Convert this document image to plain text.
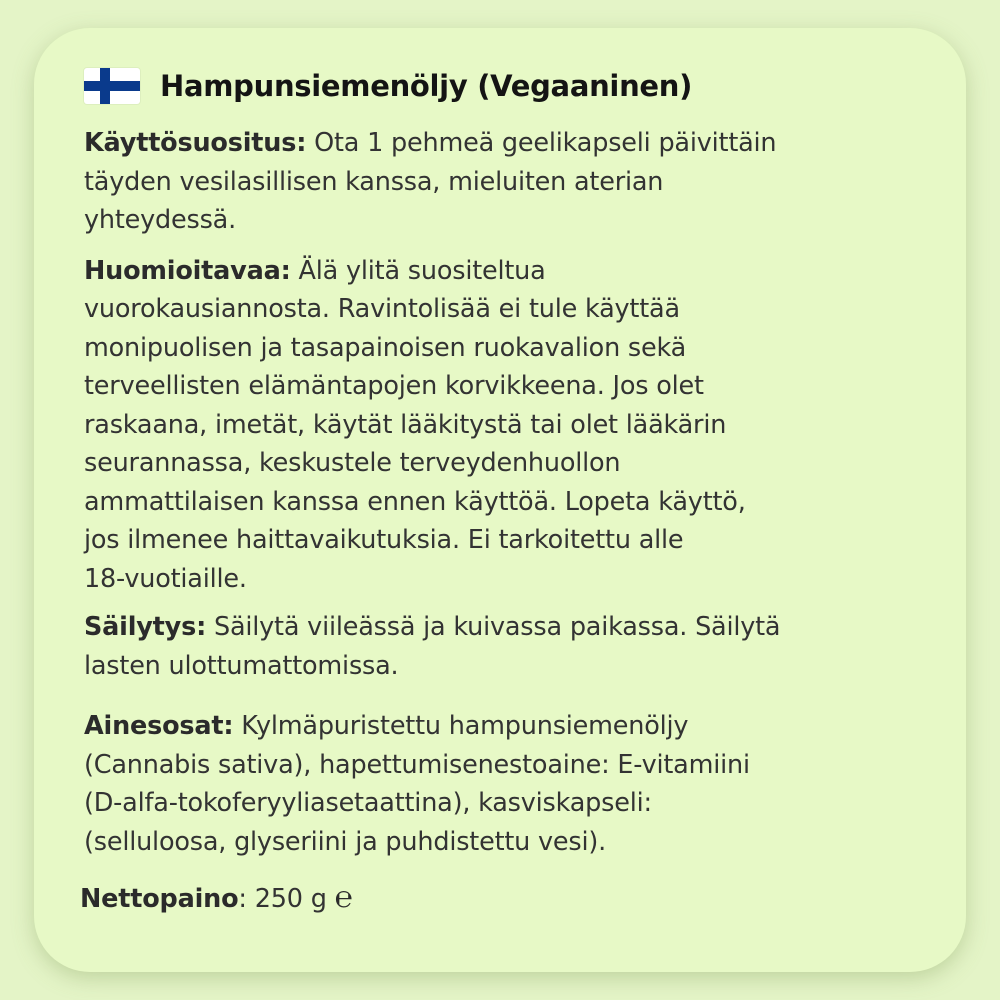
Hampunsiemenöljy (Vegaaninen)

Käyttösuositus: Ota 1 pehmeä geelikapseli päivittäin
täyden vesilasillisen kanssa, mieluiten aterian
yhteydessä.

Huomioitavaa: Älä ylitä suositeltua
vuorokausiannosta. Ravintolisää ei tule käyttää
monipuolisen ja tasapainoisen ruokavalion sekä
terveellisten elämäntapojen korvikkeena. Jos olet
raskaana, imetät, käytät lääkitystä tai olet lääkärin
seurannassa, keskustele terveydenhuollon
ammattilaisen kanssa ennen käyttöä. Lopeta käyttö,
jos ilmenee haittavaikutuksia. Ei tarkoitettu alle
18-vuotiaille.

Säilytys: Säilytä viileässä ja kuivassa paikassa. Säilytä
lasten ulottumattomissa.

Ainesosat: Kylmäpuristettu hampunsiemenöljy
(Cannabis sativa), hapettumisenestoaine: E-vitamiini
(D-alfa-tokoferyyliasetaattina), kasviskapseli:
(selluloosa, glyseriini ja puhdistettu vesi).

Nettopaino: 250 g ℮
